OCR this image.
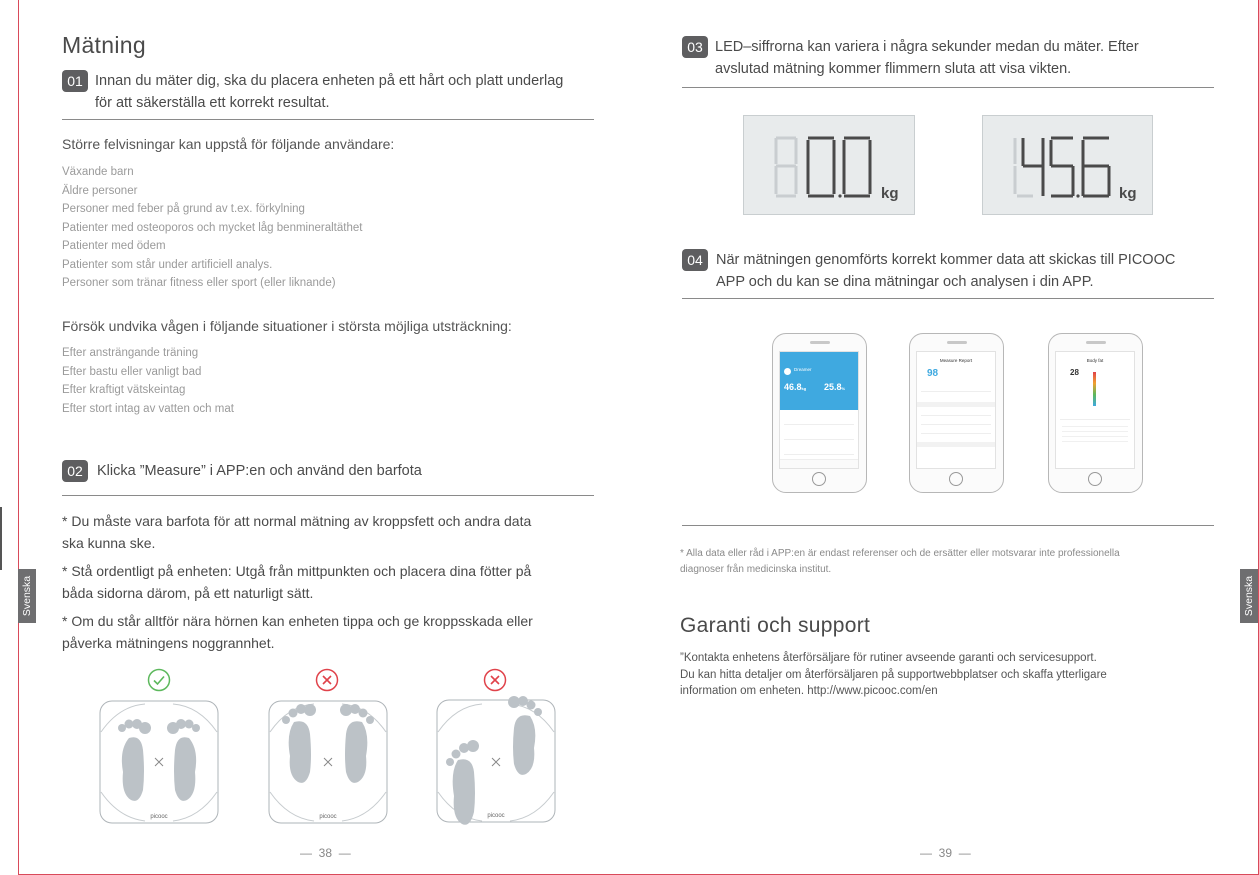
Mätning
01 Innan du mäter dig, ska du placera enheten på ett hårt och platt underlag
för att säkerställa ett korrekt resultat.
Större felvisningar kan uppstå för följande användare:
Växande barn
Äldre personer
Personer med feber på grund av t.ex. förkylning
Patienter med osteoporos och mycket låg benmineraltäthet
Patienter med ödem
Patienter som står under artificiell analys.
Personer som tränar fitness eller sport (eller liknande)
Försök undvika vågen i följande situationer i största möjliga utsträckning:
Efter ansträngande träning
Efter bastu eller vanligt bad
Efter kraftigt vätskeintag
Efter stort intag av vatten och mat
02 Klicka ”Measure” i APP:en och använd den barfota
* Du måste vara barfota för att normal mätning av kroppsfett och andra data
ska kunna ske.
* Stå ordentligt på enheten: Utgå från mittpunkten och placera dina fötter på
båda sidorna därom, på ett naturligt sätt.
* Om du står alltför nära hörnen kan enheten tippa och ge kroppsskada eller
påverka mätningens noggrannhet.
picooc	picooc	picooc
— 38 —
Svenska
03 LED–siffrorna kan variera i några sekunder medan du mäter. Efter
avslutad mätning kommer flimmern sluta att visa vikten.
kg	kg
04 När mätningen genomförts korrekt kommer data att skickas till PICOOC
APP och du kan se dina mätningar och analysen i din APP.
Dreamer
46.8kg 25.8%
Measure Report
98
Body fat
28
* Alla data eller råd i APP:en är endast referenser och de ersätter eller motsvarar inte professionella
diagnoser från medicinska institut.
Garanti och support
”Kontakta enhetens återförsäljare för rutiner avseende garanti och servicesupport.
Du kan hitta detaljer om återförsäljaren på supportwebbplatser och skaffa ytterligare
information om enheten. http://www.picooc.com/en
— 39 —
Svenska
